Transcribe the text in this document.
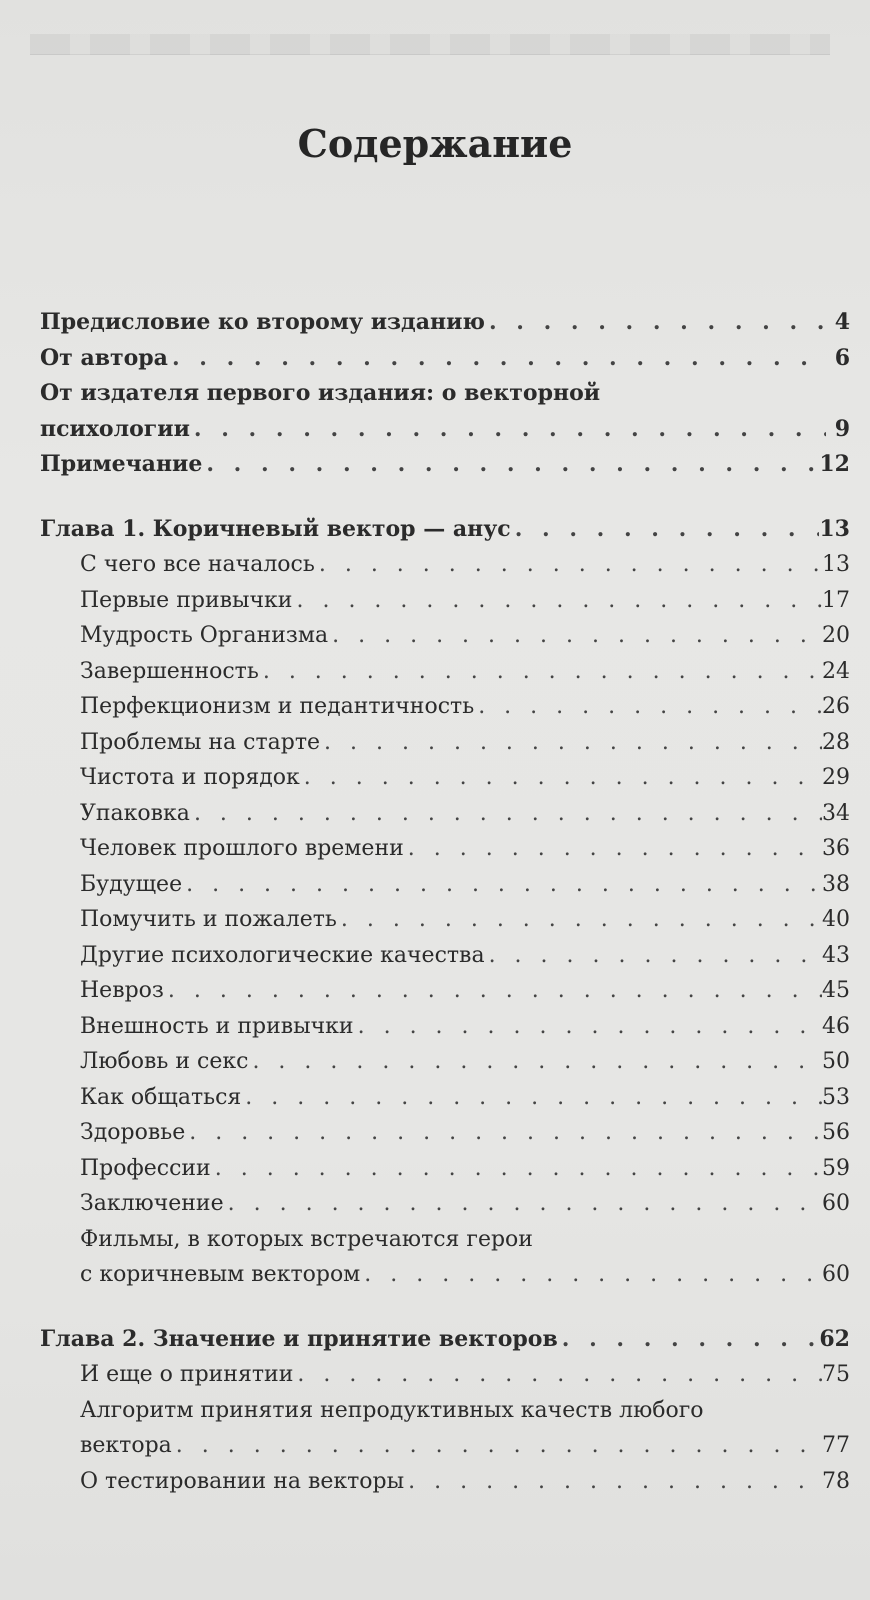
Содержание
Предисловие ко второму изданию . . .	4
От автора . . .	6
От издателя первого издания: о векторной
психологии . . .	9
Примечание . . .	12
Глава 1. Коричневый вектор — анус . . .	13
С чего все началось . . .	13
Первые привычки . . .	17
Мудрость Организма . . .	20
Завершенность . . .	24
Перфекционизм и педантичность . . .	26
Проблемы на старте . . .	28
Чистота и порядок . . .	29
Упаковка . . .	34
Человек прошлого времени . . .	36
Будущее . . .	38
Помучить и пожалеть . . .	40
Другие психологические качества . . .	43
Невроз . . .	45
Внешность и привычки . . .	46
Любовь и секс . . .	50
Как общаться . . .	53
Здоровье . . .	56
Профессии . . .	59
Заключение . . .	60
Фильмы, в которых встречаются герои
с коричневым вектором . . .	60
Глава 2. Значение и принятие векторов . . .	62
И еще о принятии . . .	75
Алгоритм принятия непродуктивных качеств любого
вектора . . .	77
О тестировании на векторы . . .	78
